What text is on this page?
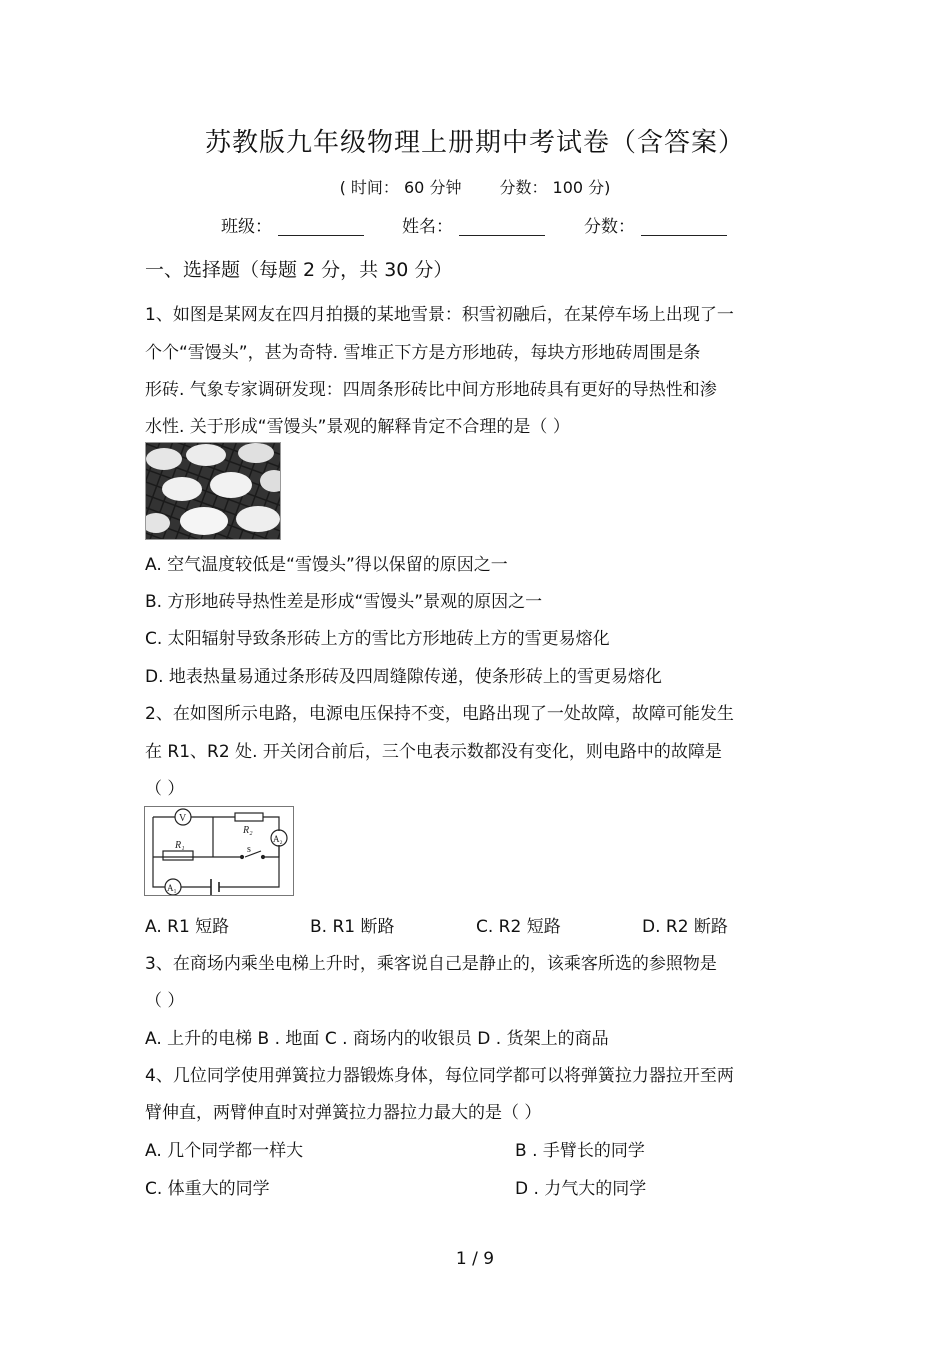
苏教版九年级物理上册期中考试卷（含答案）
( 时间： 60 分钟 分数： 100 分)
班级：	姓名：	分数：
一、选择题（每题 2 分，共 30 分）
1、如图是某网友在四月拍摄的某地雪景：积雪初融后，在某停车场上出现了一
个个“雪馒头”，甚为奇特. 雪堆正下方是方形地砖，每块方形地砖周围是条
形砖. 气象专家调研发现：四周条形砖比中间方形地砖具有更好的导热性和渗
水性. 关于形成“雪馒头”景观的解释肯定不合理的是（ ）
A. 空气温度较低是“雪馒头”得以保留的原因之一
B. 方形地砖导热性差是形成“雪馒头”景观的原因之一
C. 太阳辐射导致条形砖上方的雪比方形地砖上方的雪更易熔化
D. 地表热量易通过条形砖及四周缝隙传递，使条形砖上的雪更易熔化
2、在如图所示电路，电源电压保持不变，电路出现了一处故障，故障可能发生
在 R1、R2 处. 开关闭合前后，三个电表示数都没有变化，则电路中的故障是
（ ）
V
R₁
R₂
A₂
s
A₁
A. R1 短路	B. R1 断路	C. R2 短路	D. R2 断路
3、在商场内乘坐电梯上升时，乘客说自己是静止的，该乘客所选的参照物是
（ ）
A. 上升的电梯 B . 地面 C . 商场内的收银员 D . 货架上的商品
4、几位同学使用弹簧拉力器锻炼身体，每位同学都可以将弹簧拉力器拉开至两
臂伸直，两臂伸直时对弹簧拉力器拉力最大的是（ ）
A. 几个同学都一样大	B . 手臂长的同学
C. 体重大的同学	D . 力气大的同学
1 / 9
